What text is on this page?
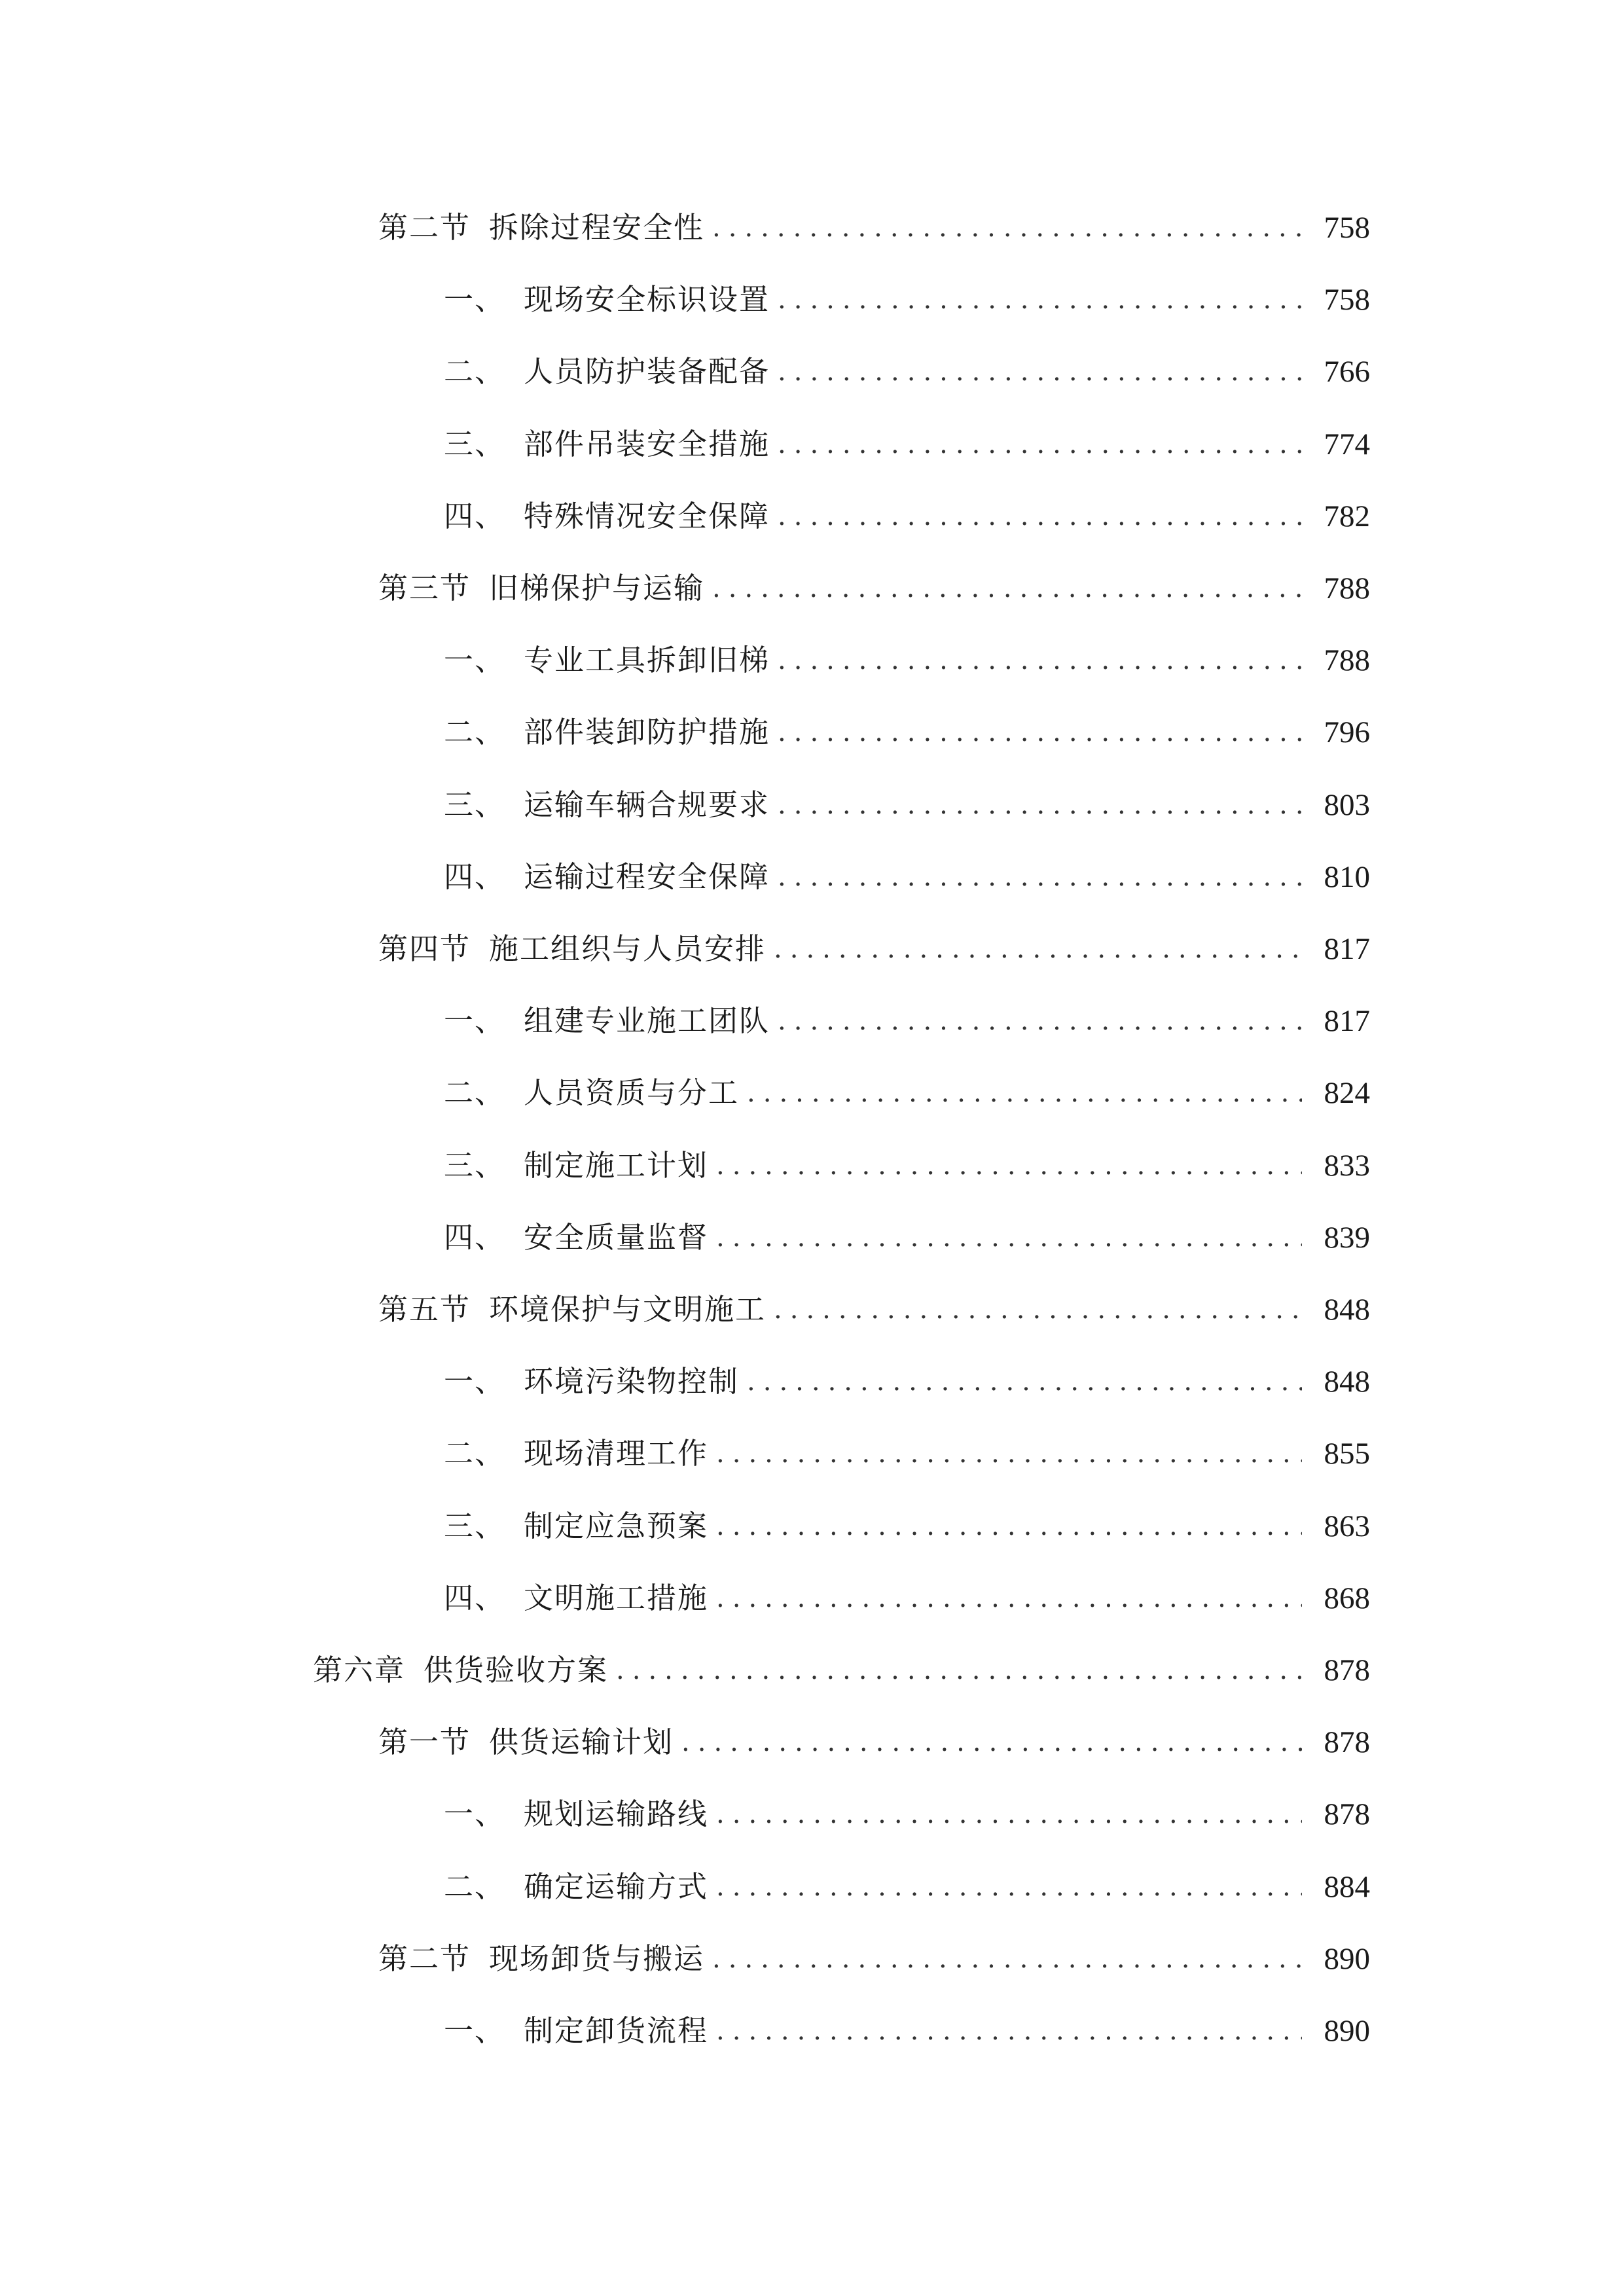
第二节 拆除过程安全性 .....	758
一、 现场安全标识设置 .....	758
二、 人员防护装备配备 .....	766
三、 部件吊装安全措施 .....	774
四、 特殊情况安全保障 .....	782
第三节 旧梯保护与运输 .....	788
一、 专业工具拆卸旧梯 .....	788
二、 部件装卸防护措施 .....	796
三、 运输车辆合规要求 .....	803
四、 运输过程安全保障 .....	810
第四节 施工组织与人员安排 .....	817
一、 组建专业施工团队 .....	817
二、 人员资质与分工 .....	824
三、 制定施工计划 .....	833
四、 安全质量监督 .....	839
第五节 环境保护与文明施工 .....	848
一、 环境污染物控制 .....	848
二、 现场清理工作 .....	855
三、 制定应急预案 .....	863
四、 文明施工措施 .....	868
第六章 供货验收方案 .....	878
第一节 供货运输计划 .....	878
一、 规划运输路线 .....	878
二、 确定运输方式 .....	884
第二节 现场卸货与搬运 .....	890
一、 制定卸货流程 .....	890
